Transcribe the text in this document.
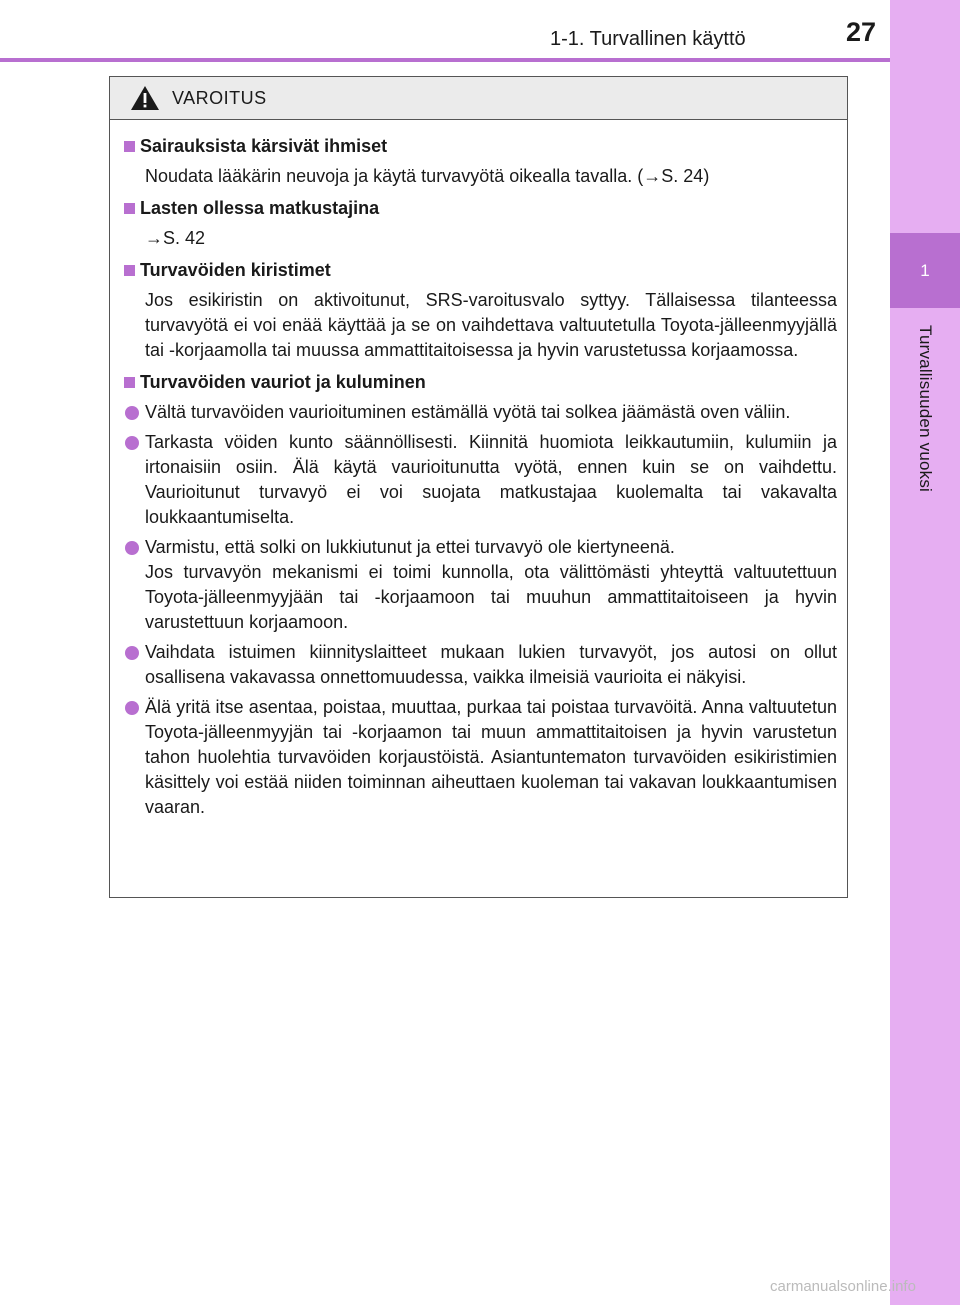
1
Turvallisuuden vuoksi
1-1. Turvallinen käyttö	27
VAROITUS
Sairauksista kärsivät ihmiset
Noudata lääkärin neuvoja ja käytä turvavyötä oikealla tavalla. (→S. 24)
Lasten ollessa matkustajina
→S. 42
Turvavöiden kiristimet
Jos esikiristin on aktivoitunut, SRS-varoitusvalo syttyy. Tällaisessa tilanteessa turvavyötä ei voi enää käyttää ja se on vaihdettava valtuutetulla Toyota-jälleenmyyjällä tai -korjaamolla tai muussa ammattitaitoisessa ja hyvin varustetussa korjaamossa.
Turvavöiden vauriot ja kuluminen
Vältä turvavöiden vaurioituminen estämällä vyötä tai solkea jäämästä oven väliin.
Tarkasta vöiden kunto säännöllisesti. Kiinnitä huomiota leikkautumiin, kulumiin ja irtonaisiin osiin. Älä käytä vaurioitunutta vyötä, ennen kuin se on vaihdettu. Vaurioitunut turvavyö ei voi suojata matkustajaa kuolemalta tai vakavalta loukkaantumiselta.
Varmistu, että solki on lukkiutunut ja ettei turvavyö ole kiertyneenä.
Jos turvavyön mekanismi ei toimi kunnolla, ota välittömästi yhteyttä valtuutettuun Toyota-jälleenmyyjään tai -korjaamoon tai muuhun ammattitaitoiseen ja hyvin varustettuun korjaamoon.
Vaihdata istuimen kiinnityslaitteet mukaan lukien turvavyöt, jos autosi on ollut osallisena vakavassa onnettomuudessa, vaikka ilmeisiä vaurioita ei näkyisi.
Älä yritä itse asentaa, poistaa, muuttaa, purkaa tai poistaa turvavöitä. Anna valtuutetun Toyota-jälleenmyyjän tai -korjaamon tai muun ammattitaitoisen ja hyvin varustetun tahon huolehtia turvavöiden korjaustöistä. Asiantuntematon turvavöiden esikiristimien käsittely voi estää niiden toiminnan aiheuttaen kuoleman tai vakavan loukkaantumisen vaaran.
carmanualsonline.info
